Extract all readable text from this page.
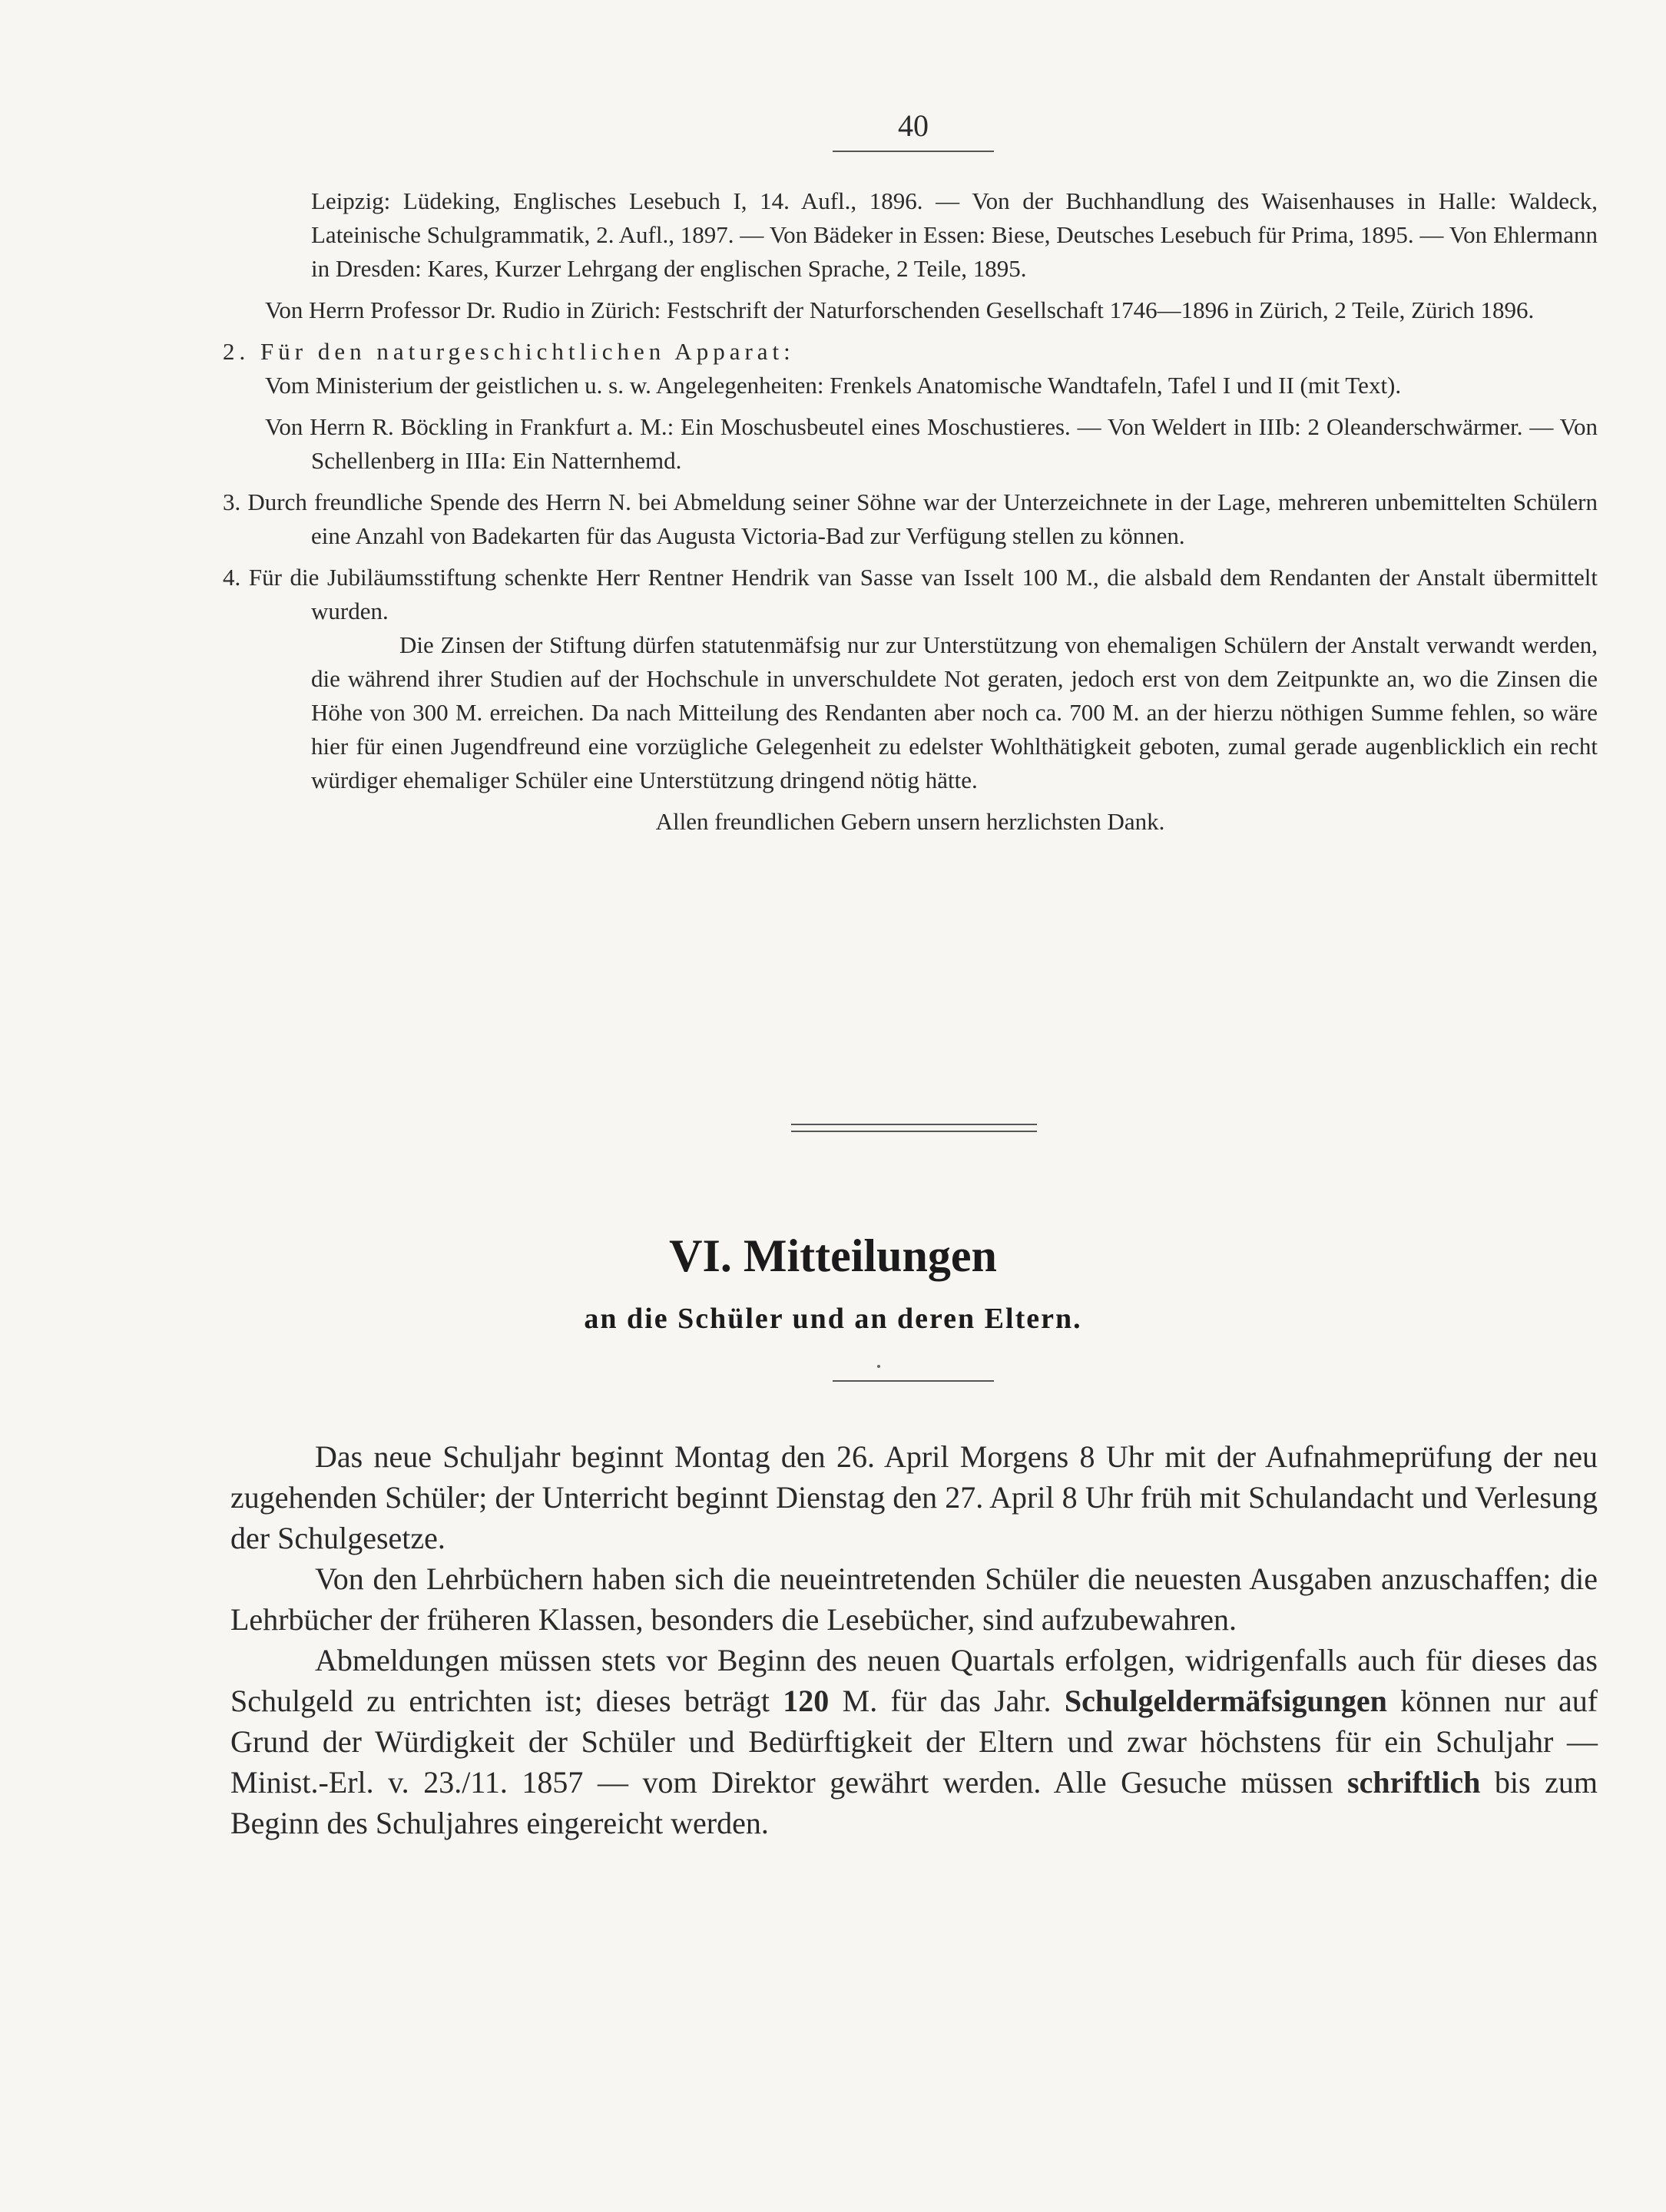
40

Leipzig: Lüdeking, Englisches Lesebuch I, 14. Aufl., 1896. — Von der Buchhandlung des Waisenhauses in Halle: Waldeck, Lateinische Schulgrammatik, 2. Aufl., 1897. — Von Bädeker in Essen: Biese, Deutsches Lesebuch für Prima, 1895. — Von Ehlermann in Dresden: Kares, Kurzer Lehrgang der englischen Sprache, 2 Teile, 1895.

Von Herrn Professor Dr. Rudio in Zürich: Festschrift der Naturforschenden Gesellschaft 1746—1896 in Zürich, 2 Teile, Zürich 1896.

2. Für den naturgeschichtlichen Apparat:

Vom Ministerium der geistlichen u. s. w. Angelegenheiten: Frenkels Anatomische Wandtafeln, Tafel I und II (mit Text).

Von Herrn R. Böckling in Frankfurt a. M.: Ein Moschusbeutel eines Moschustieres. — Von Weldert in IIIb: 2 Oleanderschwärmer. — Von Schellenberg in IIIa: Ein Natternhemd.

3. Durch freundliche Spende des Herrn N. bei Abmeldung seiner Söhne war der Unterzeichnete in der Lage, mehreren unbemittelten Schülern eine Anzahl von Badekarten für das Augusta Victoria-Bad zur Verfügung stellen zu können.

4. Für die Jubiläumsstiftung schenkte Herr Rentner Hendrik van Sasse van Isselt 100 M., die alsbald dem Rendanten der Anstalt übermittelt wurden.

Die Zinsen der Stiftung dürfen statutenmäfsig nur zur Unterstützung von ehemaligen Schülern der Anstalt verwandt werden, die während ihrer Studien auf der Hochschule in unverschuldete Not geraten, jedoch erst von dem Zeitpunkte an, wo die Zinsen die Höhe von 300 M. erreichen. Da nach Mitteilung des Rendanten aber noch ca. 700 M. an der hierzu nöthigen Summe fehlen, so wäre hier für einen Jugendfreund eine vorzügliche Gelegenheit zu edelster Wohlthätigkeit geboten, zumal gerade augenblicklich ein recht würdiger ehemaliger Schüler eine Unterstützung dringend nötig hätte.

Allen freundlichen Gebern unsern herzlichsten Dank.

VI. Mitteilungen
an die Schüler und an deren Eltern.

Das neue Schuljahr beginnt Montag den 26. April Morgens 8 Uhr mit der Aufnahmeprüfung der neu zugehenden Schüler; der Unterricht beginnt Dienstag den 27. April 8 Uhr früh mit Schulandacht und Verlesung der Schulgesetze.

Von den Lehrbüchern haben sich die neueintretenden Schüler die neuesten Ausgaben anzuschaffen; die Lehrbücher der früheren Klassen, besonders die Lesebücher, sind aufzubewahren.

Abmeldungen müssen stets vor Beginn des neuen Quartals erfolgen, widrigenfalls auch für dieses das Schulgeld zu entrichten ist; dieses beträgt 120 M. für das Jahr. Schulgeldermäfsigungen können nur auf Grund der Würdigkeit der Schüler und Bedürftigkeit der Eltern und zwar höchstens für ein Schuljahr — Minist.-Erl. v. 23./11. 1857 — vom Direktor gewährt werden. Alle Gesuche müssen schriftlich bis zum Beginn des Schuljahres eingereicht werden.
